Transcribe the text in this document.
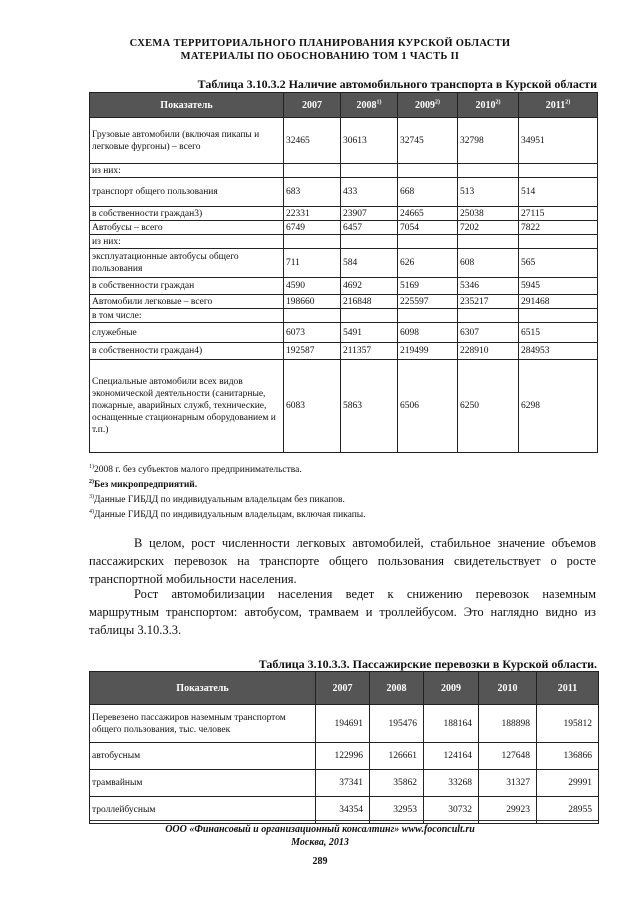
СХЕМА ТЕРРИТОРИАЛЬНОГО ПЛАНИРОВАНИЯ КУРСКОЙ ОБЛАСТИ
МАТЕРИАЛЫ ПО ОБОСНОВАНИЮ ТОМ 1 ЧАСТЬ II
Таблица 3.10.3.2 Наличие автомобильного транспорта в Курской области
Показатель	2007	2008$^{1)}$	2009$^{2)}$	2010$^{2)}$	2011$^{2)}$
Грузовые автомобили (включая пикапы и легковые фургоны) – всего	32465	30613	32745	32798	34951
из них:					
транспорт общего пользования	683	433	668	513	514
в собственности граждан3)	22331	23907	24665	25038	27115
Автобусы – всего	6749	6457	7054	7202	7822
из них:					
эксплуатационные автобусы общего пользования	711	584	626	608	565
в собственности граждан	4590	4692	5169	5346	5945
Автомобили легковые – всего	198660	216848	225597	235217	291468
в том числе:					
служебные	6073	5491	6098	6307	6515
в собственности граждан4)	192587	211357	219499	228910	284953
Специальные автомобили всех видов экономической деятельности (санитарные, пожарные, аварийных служб, технические, оснащенные стационарным оборудованием и т.п.)	6083	5863	6506	6250	6298
$^{1)}$2008 г. без субъектов малого предпринимательства.
$^{2)}$Без микропредприятий.
$^{3)}$Данные ГИБДД по индивидуальным владельцам без пикапов.
$^{4)}$Данные ГИБДД по индивидуальным владельцам, включая пикапы.
В целом, рост численности легковых автомобилей, стабильное значение объемов пассажирских перевозок на транспорте общего пользования свидетельствует о росте транспортной мобильности населения.
Рост автомобилизации населения ведет к снижению перевозок наземным маршрутным транспортом: автобусом, трамваем и троллейбусом. Это наглядно видно из таблицы 3.10.3.3.
Таблица 3.10.3.3. Пассажирские перевозки в Курской области.
Показатель	2007	2008	2009	2010	2011
Перевезено пассажиров наземным транспортом общего пользования, тыс. человек	194691	195476	188164	188898	195812
автобусным	122996	126661	124164	127648	136866
трамвайным	37341	35862	33268	31327	29991
троллейбусным	34354	32953	30732	29923	28955
ООО «Финансовый и организационный консалтинг» www.foconcult.ru
Москва, 2013
289
